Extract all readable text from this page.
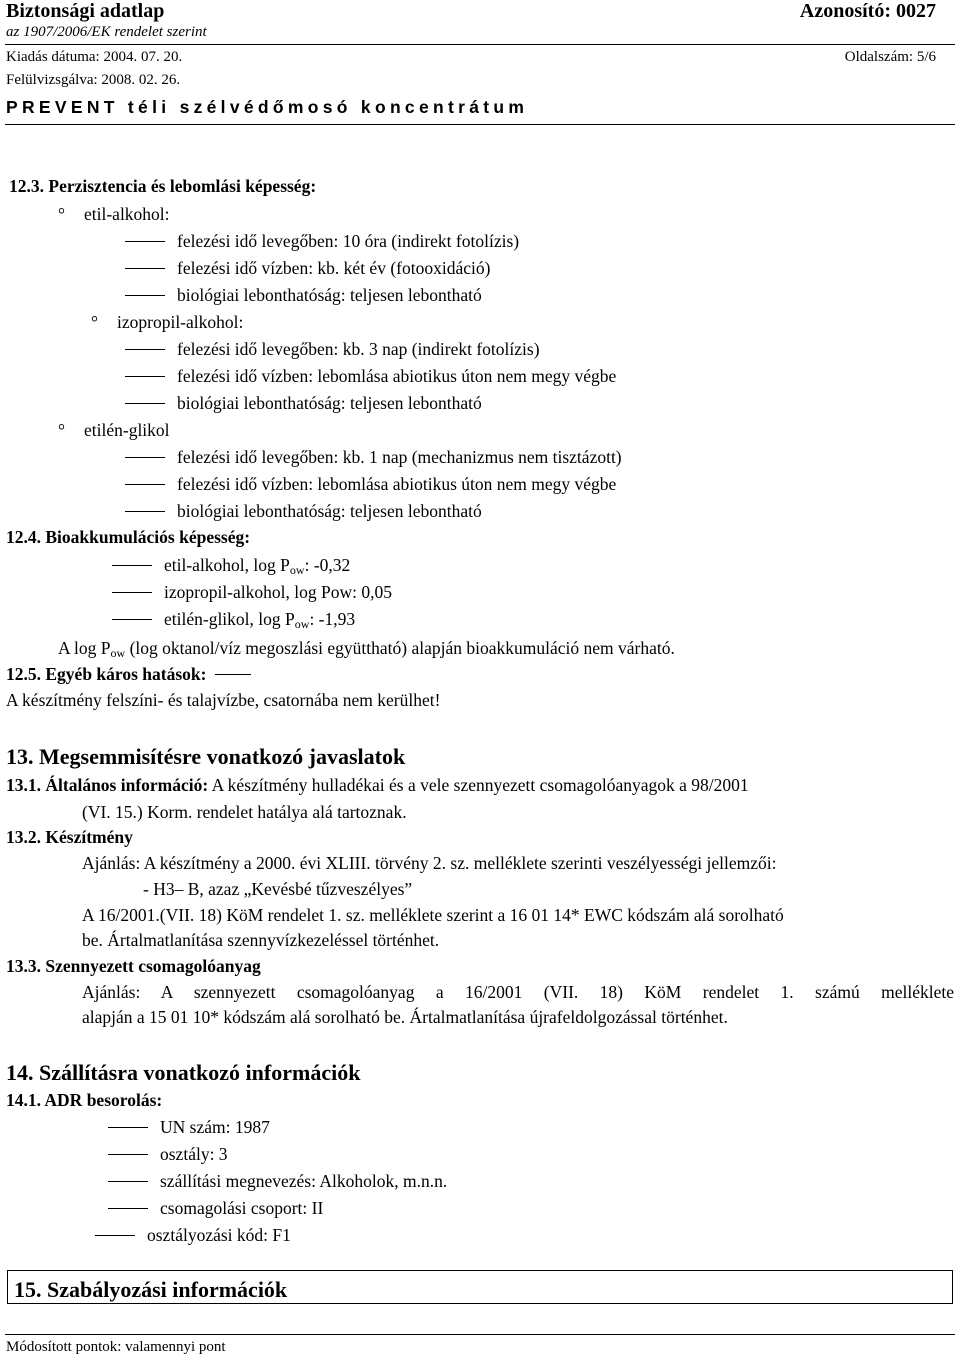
Biztonsági adatlap	Azonosító: 0027
az 1907/2006/EK rendelet szerint
Kiadás dátuma: 2004. 07. 20.	Oldalszám: 5/6
Felülvizsgálva: 2008. 02. 26.
PREVENT téli szélvédőmosó koncentrátum
12.3. Perzisztencia és lebomlási képesség:
° etil-alkohol:
felezési idő levegőben: 10 óra (indirekt fotolízis)
felezési idő vízben: kb. két év (fotooxidáció)
biológiai lebonthatóság: teljesen lebontható
° izopropil-alkohol:
felezési idő levegőben: kb. 3 nap (indirekt fotolízis)
felezési idő vízben: lebomlása abiotikus úton nem megy végbe
biológiai lebonthatóság: teljesen lebontható
° etilén-glikol
felezési idő levegőben: kb. 1 nap (mechanizmus nem tisztázott)
felezési idő vízben: lebomlása abiotikus úton nem megy végbe
biológiai lebonthatóság: teljesen lebontható
12.4. Bioakkumulációs képesség:
etil-alkohol, $\log P_{ow}$: -0,32
izopropil-alkohol, log Pow: 0,05
etilén-glikol, $\log P_{ow}$: -1,93
A $\log P_{ow}$ (log oktanol/víz megoszlási együttható) alapján bioakkumuláció nem várható.
12.5. Egyéb káros hatások:
A készítmény felszíni- és talajvízbe, csatornába nem kerülhet!
13. Megsemmisítésre vonatkozó javaslatok
13.1. Általános információ: A készítmény hulladékai és a vele szennyezett csomagolóanyagok a 98/2001
(VI. 15.) Korm. rendelet hatálya alá tartoznak.
13.2. Készítmény
Ajánlás: A készítmény a 2000. évi XLIII. törvény 2. sz. melléklete szerinti veszélyességi jellemzői:
- H3– B, azaz „Kevésbé tűzveszélyes”
A 16/2001.(VII. 18) KöM rendelet 1. sz. melléklete szerint a 16 01 14* EWC kódszám alá sorolható
be. Ártalmatlanítása szennyvízkezeléssel történhet.
13.3. Szennyezett csomagolóanyag
Ajánlás: A szennyezett csomagolóanyag a 16/2001 (VII. 18) KöM rendelet 1. számú melléklete
alapján a 15 01 10* kódszám alá sorolható be. Ártalmatlanítása újrafeldolgozással történhet.
14. Szállításra vonatkozó információk
14.1. ADR besorolás:
UN szám: 1987
osztály: 3
szállítási megnevezés: Alkoholok, m.n.n.
csomagolási csoport: II
osztályozási kód: F1
15. Szabályozási információk
Módosított pontok: valamennyi pont
